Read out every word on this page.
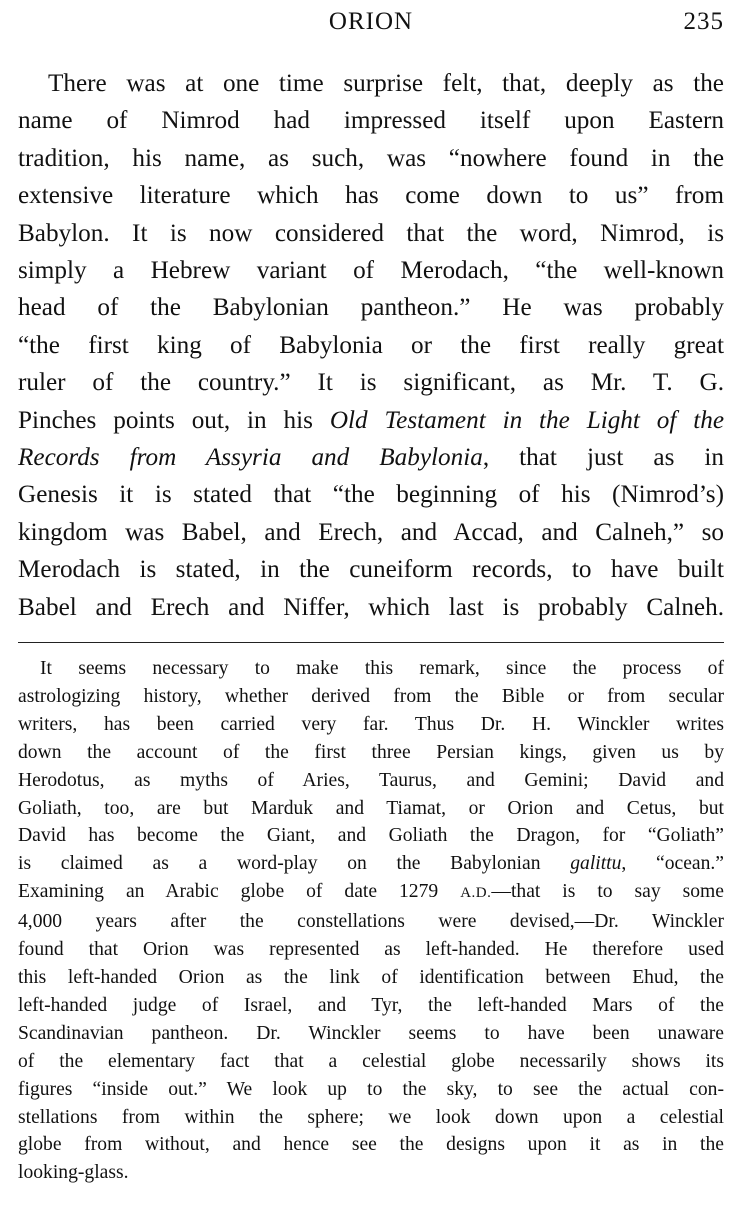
ORION	235
There was at one time surprise felt, that, deeply as the
name of Nimrod had impressed itself upon Eastern
tradition, his name, as such, was “nowhere found in the
extensive literature which has come down to us” from
Babylon. It is now considered that the word, Nimrod, is
simply a Hebrew variant of Merodach, “the well-known
head of the Babylonian pantheon.” He was probably
“the first king of Babylonia or the first really great
ruler of the country.” It is significant, as Mr. T. G.
Pinches points out, in his Old Testament in the Light of the
Records from Assyria and Babylonia, that just as in
Genesis it is stated that “the beginning of his (Nimrod’s)
kingdom was Babel, and Erech, and Accad, and Calneh,” so
Merodach is stated, in the cuneiform records, to have built
Babel and Erech and Niffer, which last is probably Calneh.
It seems necessary to make this remark, since the process of
astrologizing history, whether derived from the Bible or from secular
writers, has been carried very far. Thus Dr. H. Winckler writes
down the account of the first three Persian kings, given us by
Herodotus, as myths of Aries, Taurus, and Gemini; David and
Goliath, too, are but Marduk and Tiamat, or Orion and Cetus, but
David has become the Giant, and Goliath the Dragon, for “Goliath”
is claimed as a word-play on the Babylonian galittu, “ocean.”
Examining an Arabic globe of date 1279 A.D.—that is to say some
4,000 years after the constellations were devised,—Dr. Winckler
found that Orion was represented as left-handed. He therefore used
this left-handed Orion as the link of identification between Ehud, the
left-handed judge of Israel, and Tyr, the left-handed Mars of the
Scandinavian pantheon. Dr. Winckler seems to have been unaware
of the elementary fact that a celestial globe necessarily shows its
figures “inside out.” We look up to the sky, to see the actual con-
stellations from within the sphere; we look down upon a celestial
globe from without, and hence see the designs upon it as in the
looking-glass.
